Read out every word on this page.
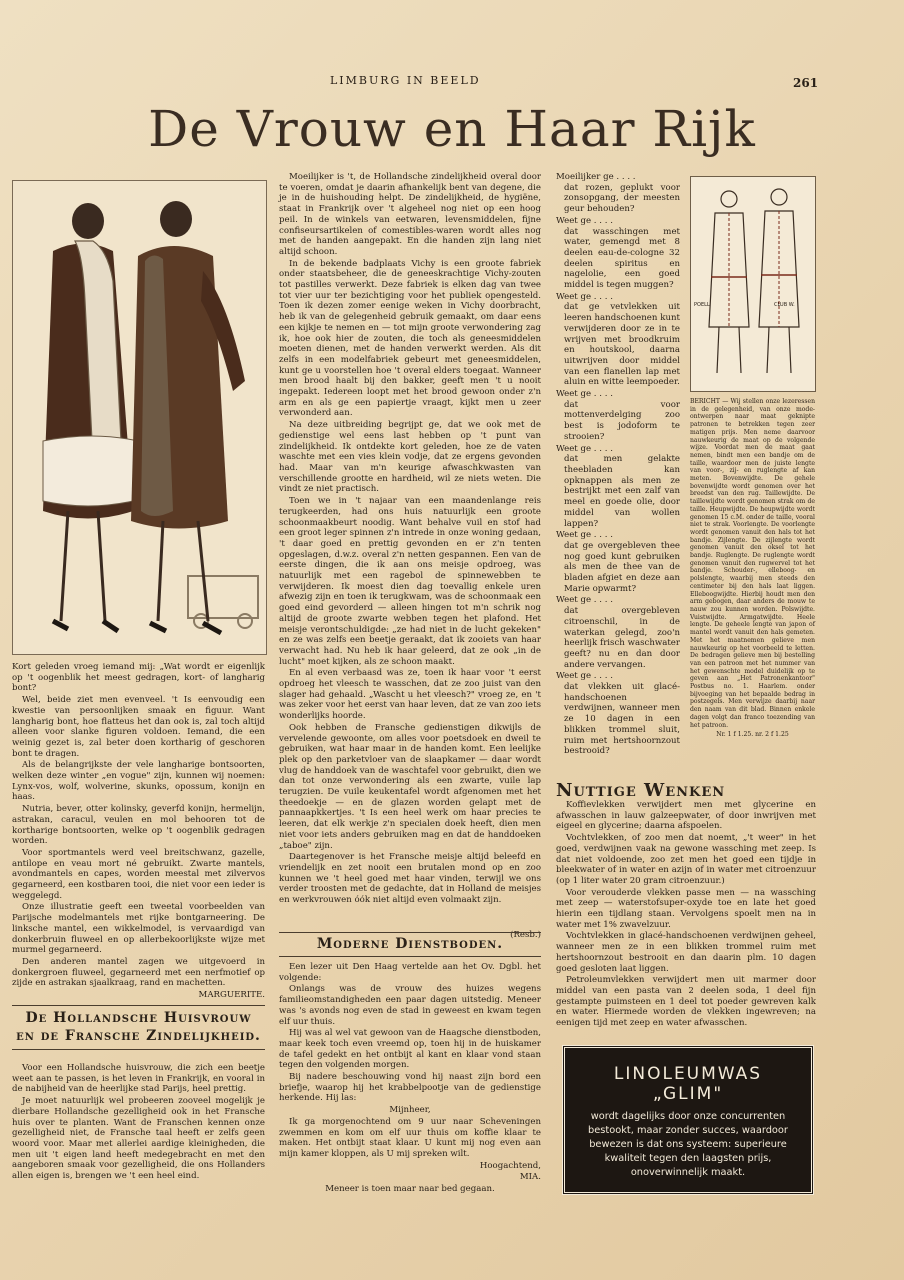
LIMBURG IN BEELD	261
De Vrouw en Haar Rijk

Kort geleden vroeg iemand mij: „Wat wordt er eigenlijk op 't oogenblik het meest gedragen, kort- of langharig bont?

Wel, beide ziet men evenveel. 't Is eenvoudig een kwestie van persoonlijken smaak en figuur. Want langharig bont, hoe flatteus het dan ook is, zal toch altijd alleen voor slanke figuren voldoen. Iemand, die een weinig gezet is, zal beter doen kortharig of geschoren bont te dragen.

Als de belangrijkste der vele langharige bontsoorten, welken deze winter „en vogue" zijn, kunnen wij noemen: Lynx-vos, wolf, wolverine, skunks, opossum, konijn en haas.

Nutria, bever, otter kolinsky, geverfd konijn, hermelijn, astrakan, caracul, veulen en mol behooren tot de kortharige bontsoorten, welke op 't oogenblik gedragen worden.

Voor sportmantels werd veel breitschwanz, gazelle, antilope en veau mort né gebruikt. Zwarte mantels, avondmantels en capes, worden meestal met zilvervos gegarneerd, een kostbaren tooi, die niet voor een ieder is weggelegd.

Onze illustratie geeft een tweetal voorbeelden van Parijsche modelmantels met rijke bontgarneering. De linksche mantel, een wikkelmodel, is vervaardigd van donkerbruin fluweel en op allerbekoorlijkste wijze met murmel gegarneerd.

Den anderen mantel zagen we uitgevoerd in donkergroen fluweel, gegarneerd met een nerfmotief op zijde en astrakan sjaalkraag, rand en machetten.

MARGUERITE.

De Hollandsche Huisvrouw

en de Fransche Zindelijkheid.

Voor een Hollandsche huisvrouw, die zich een beetje weet aan te passen, is het leven in Frankrijk, en vooral in de nabijheid van de heerlijke stad Parijs, heel prettig.

Je moet natuurlijk wel probeeren zooveel mogelijk je dierbare Hollandsche gezelligheid ook in het Fransche huis over te planten. Want de Franschen kennen onze gezelligheid niet, de Fransche taal heeft er zelfs geen woord voor. Maar met allerlei aardige kleinigheden, die men uit 't eigen land heeft medegebracht en met den aangeboren smaak voor gezelligheid, die ons Hollanders allen eigen is, brengen we 't een heel eind.

Moeilijker is 't, de Hollandsche zindelijkheid overal door te voeren, omdat je daarin afhankelijk bent van degene, die je in de huishouding helpt. De zindelijkheid, de hygiëne, staat in Frankrijk over 't algeheel nog niet op een hoog peil. In de winkels van eetwaren, levensmiddelen, fijne confiseursartikelen of comestibles-waren wordt alles nog met de handen aangepakt. En die handen zijn lang niet altijd schoon.

In de bekende badplaats Vichy is een groote fabriek onder staatsbeheer, die de geneeskrachtige Vichy-zouten tot pastilles verwerkt. Deze fabriek is elken dag van twee tot vier uur ter bezichtiging voor het publiek opengesteld. Toen ik dezen zomer eenige weken in Vichy doorbracht, heb ik van de gelegenheid gebruik gemaakt, om daar eens een kijkje te nemen en — tot mijn groote verwondering zag ik, hoe ook hier de zouten, die toch als geneesmiddelen moeten dienen, met de handen verwerkt werden. Als dit zelfs in een modelfabriek gebeurt met geneesmiddelen, kunt ge u voorstellen hoe 't overal elders toegaat. Wanneer men brood haalt bij den bakker, geeft men 't u nooit ingepakt. Iedereen loopt met het brood gewoon onder z'n arm en als ge een papiertje vraagt, kijkt men u zeer verwonderd aan.

Na deze uitbreiding begrijpt ge, dat we ook met de gedienstige wel eens last hebben op 't punt van zindelijkheid. Ik ontdekte kort geleden, hoe ze de vaten waschte met een vies klein vodje, dat ze ergens gevonden had. Maar van m'n keurige afwaschkwasten van verschillende grootte en hardheid, wil ze niets weten. Die vindt ze niet practisch.

Toen we in 't najaar van een maandenlange reis terugkeerden, had ons huis natuurlijk een groote schoonmaakbeurt noodig. Want behalve vuil en stof had een groot leger spinnen z'n intrede in onze woning gedaan, 't daar goed en prettig gevonden en er z'n tenten opgeslagen, d.w.z. overal z'n netten gespannen. Een van de eerste dingen, die ik aan ons meisje opdroeg, was natuurlijk met een ragebol de spinnewebben te verwijderen. Ik moest dien dag toevallig enkele uren afwezig zijn en toen ik terugkwam, was de schoonmaak een goed eind gevorderd — alleen hingen tot m'n schrik nog altijd de groote zwarte webben tegen het plafond. Het meisje verontschuldigde: „ze had niet in de lucht gekeken" en ze was zelfs een beetje geraakt, dat ik zooiets van haar verwacht had. Nu heb ik haar geleerd, dat ze ook „in de lucht" moet kijken, als ze schoon maakt.

En al even verbaasd was ze, toen ik haar voor 't eerst opdroeg het vleesch te wasschen, dat ze zoo juist van den slager had gehaald. „Wascht u het vleesch?" vroeg ze, en 't was zeker voor het eerst van haar leven, dat ze van zoo iets wonderlijks hoorde.

Ook hebben de Fransche gedienstigen dikwijls de vervelende gewoonte, om alles voor poetsdoek en dweil te gebruiken, wat haar maar in de handen komt. Een leelijke plek op den parketvloer van de slaapkamer — daar wordt vlug de handdoek van de waschtafel voor gebruikt, dien we dan tot onze verwondering als een zwarte, vuile lap terugzien. De vuile keukentafel wordt afgenomen met het theedoekje — en de glazen worden gelapt met de pannaapkkertjes. 't Is een heel werk om haar precies te leeren, dat elk werkje z'n specialen doek heeft, dien men niet voor iets anders gebruiken mag en dat de handdoeken „taboe" zijn.

Daartegenover is het Fransche meisje altijd beleefd en vriendelijk en zet nooit een brutalen mond op en zoo kunnen we 't heel goed met haar vinden, terwijl we ons verder troosten met de gedachte, dat in Holland de meisjes en werkvrouwen óók niet altijd even volmaakt zijn.

(Resb.)

Moderne Dienstboden.

Een lezer uit Den Haag vertelde aan het Ov. Dgbl. het volgende:

Onlangs was de vrouw des huizes wegens familieomstandigheden een paar dagen uitstedig. Meneer was 's avonds nog even de stad in geweest en kwam tegen elf uur thuis.

Hij was al wel vat gewoon van de Haagsche dienstboden, maar keek toch even vreemd op, toen hij in de huiskamer de tafel gedekt en het ontbijt al kant en klaar vond staan tegen den volgenden morgen.

Bij nadere beschouwing vond hij naast zijn bord een briefje, waarop hij het krabbelpootje van de gedienstige herkende. Hij las:

Mijnheer,

Ik ga morgenochtend om 9 uur naar Scheveningen zwemmen en kom om elf uur thuis om koffie klaar te maken. Het ontbijt staat klaar. U kunt mij nog even aan mijn kamer kloppen, als U mij spreken wilt.

Hoogachtend,

MIA.

Meneer is toen maar naar bed gegaan.

Moeilijker ge . . . .
dat rozen, geplukt voor zonsopgang, der meesten geur behouden?
Weet ge . . . .
dat wasschingen met water, gemengd met 8 deelen eau-de-cologne 32 deelen spiritus en nagelolie, een goed middel is tegen muggen?
Weet ge . . . .
dat ge vetvlekken uit leeren handschoenen kunt verwijderen door ze in te wrijven met broodkruim en houtskool, daarna uitwrijven door middel van een flanellen lap met aluin en witte leempoeder.
Weet ge . . . .
dat voor mottenverdelging zoo best is jodoform te strooien?
Weet ge . . . .
dat men gelakte theebladen kan opknappen als men ze bestrijkt met een zalf van meel en goede olie, door middel van wollen lappen?
Weet ge . . . .
dat ge overgebleven thee nog goed kunt gebruiken als men de thee van de bladen afgiet en deze aan Marie opwarmt?
Weet ge . . . .
dat overgebleven citroenschil, in de waterkan gelegd, zoo'n heerlijk frisch waschwater geeft? nu en dan door andere vervangen.
Weet ge . . . .
dat vlekken uit glacé-handschoenen verdwijnen, wanneer men ze 10 dagen in een blikken trommel sluit, ruim met hertshoornzout bestrooid?
POELL	CLUB W.
BERICHT — Wij stellen onze lezeressen in de gelegenheid, van onze mode-ontwerpen naar maat geknipte patronen te betrekken tegen zeer matigen prijs. Men neme daarvoor nauwkeurig de maat op de volgende wijze. Voordat men de maat gaat nemen, bindt men een bandje om de taille, waardoor men de juiste lengte van voor-, zij- en ruglengte af kan meten. Bovenwijdte. De gehele bovenwijdte wordt genomen over het breedst van den rug. Taillewijdte. De taillewijdte wordt genomen strak om de taille. Heupwijdte. De heupwijdte wordt genomen 15 c.M. onder de taille, vooral niet te strak. Voorlengte. De voorlengte wordt genomen vanuit den hals tot het bandje. Zijlengte. De zijlengte wordt genomen vanuit den oksel tot het bandje. Ruglengte. De ruglengte wordt genomen vanuit den rugwervel tot het bandje. Schouder-, elleboog- en polslengte, waarbij men steeds den centimeter bij den hals laat liggen. Elleboogwijdte. Hierbij houdt men den arm gebogen, daar anders de mouw te nauw zou kunnen worden. Polswijdte. Vuistwijdte. Armgatwijdte. Heele lengte. De geheele lengte van japon of mantel wordt vanuit den hals gemeten. Met het maatnemen gelieve men nauwkeurig op het voorbeeld te letten. De bedragen gelieve men bij bestelling van een patroon met het nummer van het gewenschte model duidelijk op te geven aan „Het Patronenkantoor" Postbus no. 1. Haarlem. onder bijvoeging van het bepaalde bedrag in postzegels. Men verwijze daarbij naar den naam van dit blad. Binnen enkele dagen volgt dan franco toezending van het patroon.
Nr. 1 f 1.25. nr. 2 f 1.25
Nuttige Wenken

Koffievlekken verwijdert men met glycerine en afwasschen in lauw galzeepwater, of door inwrijven met eigeel en glycerine; daarna afspoelen.

Vochtvlekken, of zoo men dat noemt, „'t weer" in het goed, verdwijnen vaak na gewone wassching met zeep. Is dat niet voldoende, zoo zet men het goed een tijdje in bleekwater of in water en azijn of in water met citroenzuur (op 1 liter water 20 gram citroenzuur.)

Voor verouderde vlekken passe men — na wassching met zeep — waterstofsuper-oxyde toe en late het goed hierin een tijdlang staan. Vervolgens spoelt men na in water met 1% zwavelzuur.

Vochtvlekken in glacé-handschoenen verdwijnen geheel, wanneer men ze in een blikken trommel ruim met hertshoornzout bestrooit en dan daarin plm. 10 dagen goed gesloten laat liggen.

Petroleumvlekken verwijdert men uit marmer door middel van een pasta van 2 deelen soda, 1 deel fijn gestampte puimsteen en 1 deel tot poeder gewreven kalk en water. Hiermede worden de vlekken ingewreven; na eenigen tijd met zeep en water afwasschen.

LINOLEUMWAS
„GLIM"
wordt dagelijks door onze concurrenten bestookt, maar zonder succes, waardoor bewezen is dat ons systeem: superieure kwaliteit tegen den laagsten prijs, onoverwinnelijk maakt.
